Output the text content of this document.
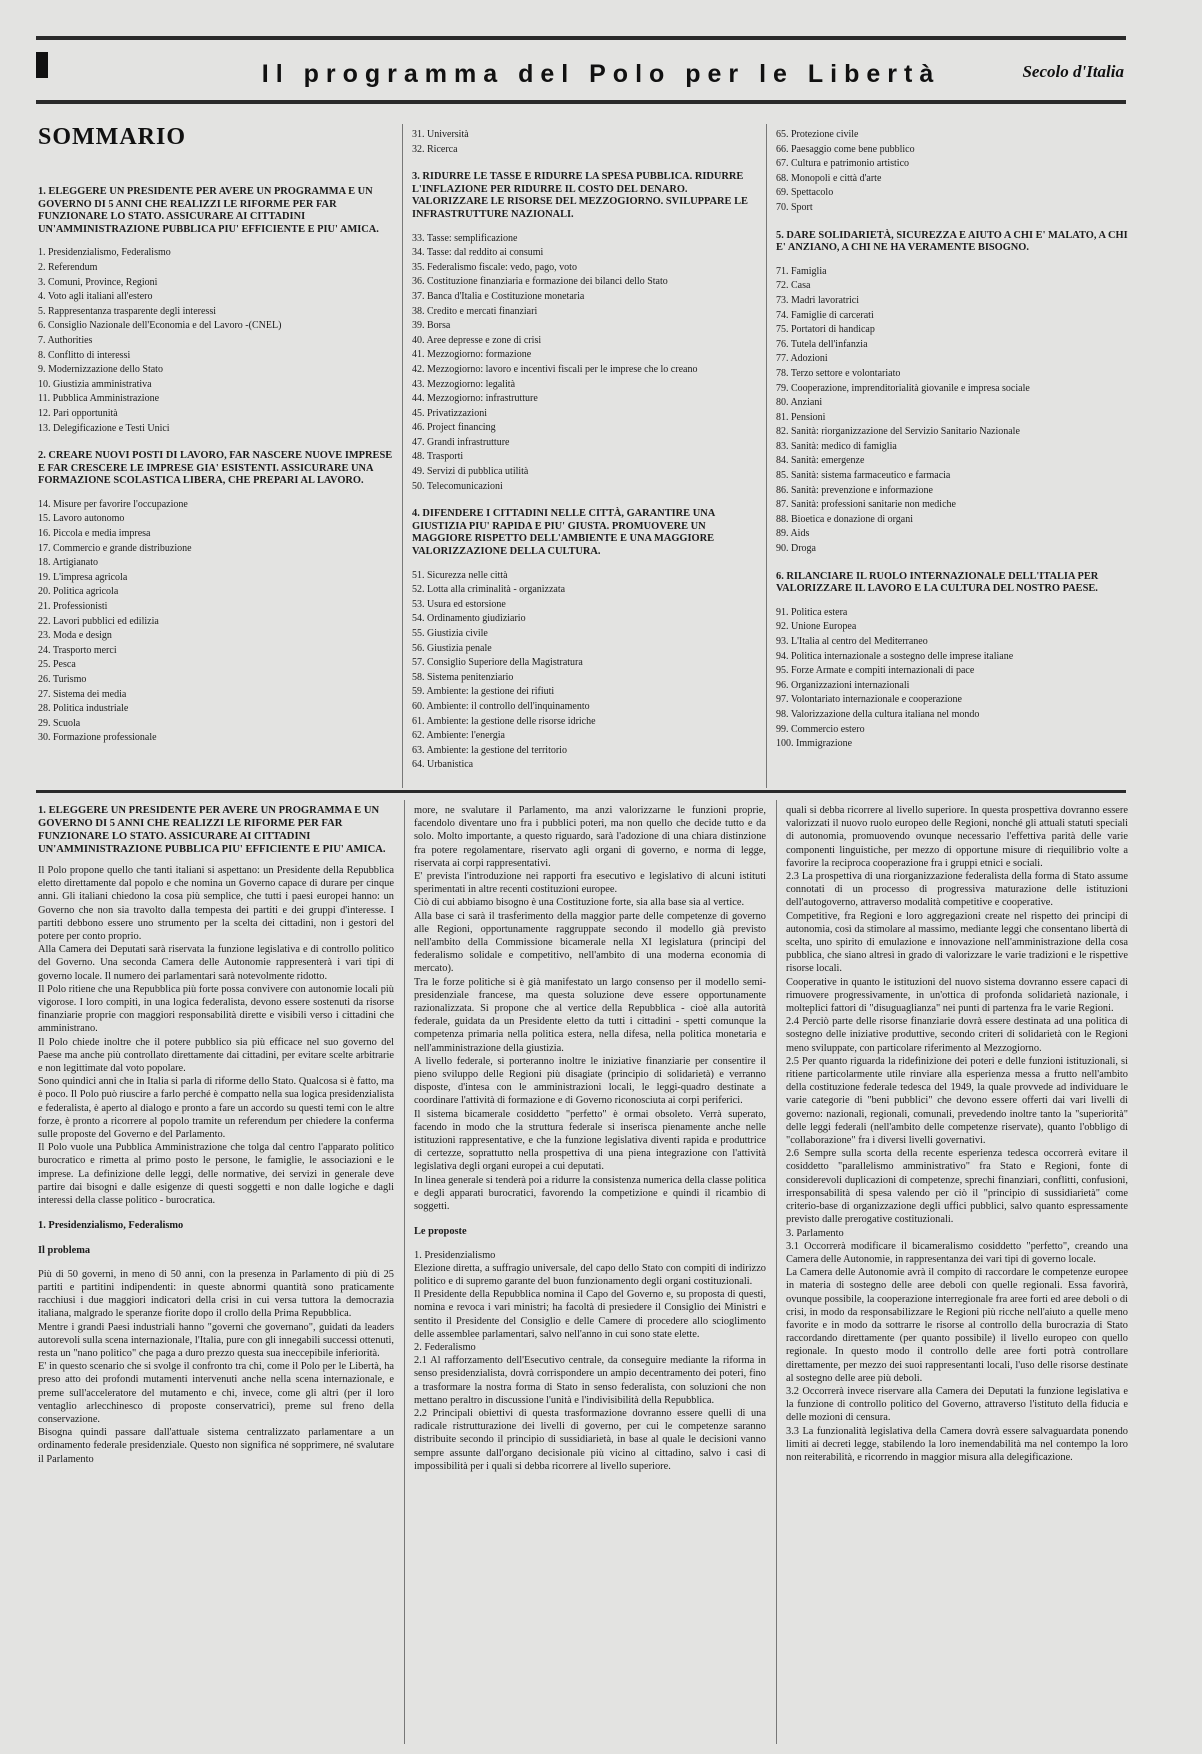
Il programma del Polo per le Libertà	Secolo d'Italia
SOMMARIO
1. ELEGGERE UN PRESIDENTE PER AVERE UN PROGRAMMA E UN GOVERNO DI 5 ANNI CHE REALIZZI LE RIFORME PER FAR FUNZIONARE LO STATO. ASSICURARE AI CITTADINI UN'AMMINISTRAZIONE PUBBLICA PIU' EFFICIENTE E PIU' AMICA.
1. Presidenzialismo, Federalismo
2. Referendum
3. Comuni, Province, Regioni
4. Voto agli italiani all'estero
5. Rappresentanza trasparente degli interessi
6. Consiglio Nazionale dell'Economia e del Lavoro -(CNEL)
7. Authorities
8. Conflitto di interessi
9. Modernizzazione dello Stato
10. Giustizia amministrativa
11. Pubblica Amministrazione
12. Pari opportunità
13. Delegificazione e Testi Unici
2. CREARE NUOVI POSTI DI LAVORO, FAR NASCERE NUOVE IMPRESE E FAR CRESCERE LE IMPRESE GIA' ESISTENTI. ASSICURARE UNA FORMAZIONE SCOLASTICA LIBERA, CHE PREPARI AL LAVORO.
14. Misure per favorire l'occupazione
15. Lavoro autonomo
16. Piccola e media impresa
17. Commercio e grande distribuzione
18. Artigianato
19. L'impresa agricola
20. Politica agricola
21. Professionisti
22. Lavori pubblici ed edilizia
23. Moda e design
24. Trasporto merci
25. Pesca
26. Turismo
27. Sistema dei media
28. Politica industriale
29. Scuola
30. Formazione professionale
31. Università
32. Ricerca
3. RIDURRE LE TASSE E RIDURRE LA SPESA PUBBLICA. RIDURRE L'INFLAZIONE PER RIDURRE IL COSTO DEL DENARO. VALORIZZARE LE RISORSE DEL MEZZOGIORNO. SVILUPPARE LE INFRASTRUTTURE NAZIONALI.
33. Tasse: semplificazione
34. Tasse: dal reddito ai consumi
35. Federalismo fiscale: vedo, pago, voto
36. Costituzione finanziaria e formazione dei bilanci dello Stato
37. Banca d'Italia e Costituzione monetaria
38. Credito e mercati finanziari
39. Borsa
40. Aree depresse e zone di crisi
41. Mezzogiorno: formazione
42. Mezzogiorno: lavoro e incentivi fiscali per le imprese che lo creano
43. Mezzogiorno: legalità
44. Mezzogiorno: infrastrutture
45. Privatizzazioni
46. Project financing
47. Grandi infrastrutture
48. Trasporti
49. Servizi di pubblica utilità
50. Telecomunicazioni
4. DIFENDERE I CITTADINI NELLE CITTÀ, GARANTIRE UNA GIUSTIZIA PIU' RAPIDA E PIU' GIUSTA. PROMUOVERE UN MAGGIORE RISPETTO DELL'AMBIENTE E UNA MAGGIORE VALORIZZAZIONE DELLA CULTURA.
51. Sicurezza nelle città
52. Lotta alla criminalità - organizzata
53. Usura ed estorsione
54. Ordinamento giudiziario
55. Giustizia civile
56. Giustizia penale
57. Consiglio Superiore della Magistratura
58. Sistema penitenziario
59. Ambiente: la gestione dei rifiuti
60. Ambiente: il controllo dell'inquinamento
61. Ambiente: la gestione delle risorse idriche
62. Ambiente: l'energia
63. Ambiente: la gestione del territorio
64. Urbanistica
65. Protezione civile
66. Paesaggio come bene pubblico
67. Cultura e patrimonio artistico
68. Monopoli e città d'arte
69. Spettacolo
70. Sport
5. DARE SOLIDARIETÀ, SICUREZZA E AIUTO A CHI E' MALATO, A CHI E' ANZIANO, A CHI NE HA VERAMENTE BISOGNO.
71. Famiglia
72. Casa
73. Madri lavoratrici
74. Famiglie di carcerati
75. Portatori di handicap
76. Tutela dell'infanzia
77. Adozioni
78. Terzo settore e volontariato
79. Cooperazione, imprenditorialità giovanile e impresa sociale
80. Anziani
81. Pensioni
82. Sanità: riorganizzazione del Servizio Sanitario Nazionale
83. Sanità: medico di famiglia
84. Sanità: emergenze
85. Sanità: sistema farmaceutico e farmacia
86. Sanità: prevenzione e informazione
87. Sanità: professioni sanitarie non mediche
88. Bioetica e donazione di organi
89. Aids
90. Droga
6. RILANCIARE IL RUOLO INTERNAZIONALE DELL'ITALIA PER VALORIZZARE IL LAVORO E LA CULTURA DEL NOSTRO PAESE.
91. Politica estera
92. Unione Europea
93. L'Italia al centro del Mediterraneo
94. Politica internazionale a sostegno delle imprese italiane
95. Forze Armate e compiti internazionali di pace
96. Organizzazioni internazionali
97. Volontariato internazionale e cooperazione
98. Valorizzazione della cultura italiana nel mondo
99. Commercio estero
100. Immigrazione

1. ELEGGERE UN PRESIDENTE PER AVERE UN PROGRAMMA E UN GOVERNO DI 5 ANNI CHE REALIZZI LE RIFORME PER FAR FUNZIONARE LO STATO. ASSICURARE AI CITTADINI UN'AMMINISTRAZIONE PUBBLICA PIU' EFFICIENTE E PIU' AMICA.

Il Polo propone quello che tanti italiani si aspettano: un Presidente della Repubblica eletto direttamente dal popolo e che nomina un Governo capace di durare per cinque anni. Gli italiani chiedono la cosa più semplice, che tutti i paesi europei hanno: un Governo che non sia travolto dalla tempesta dei partiti e dei gruppi d'interesse. I partiti debbono essere uno strumento per la scelta dei cittadini, non i gestori del potere per conto proprio.

Alla Camera dei Deputati sarà riservata la funzione legislativa e di controllo politico del Governo. Una seconda Camera delle Autonomie rappresenterà i vari tipi di governo locale. Il numero dei parlamentari sarà notevolmente ridotto.

Il Polo ritiene che una Repubblica più forte possa convivere con autonomie locali più vigorose. I loro compiti, in una logica federalista, devono essere sostenuti da risorse finanziarie proprie con maggiori responsabilità dirette e visibili verso i cittadini che amministrano.

Il Polo chiede inoltre che il potere pubblico sia più efficace nel suo governo del Paese ma anche più controllato direttamente dai cittadini, per evitare scelte arbitrarie e non legittimate dal voto popolare.

Sono quindici anni che in Italia si parla di riforme dello Stato. Qualcosa si è fatto, ma è poco. Il Polo può riuscire a farlo perché è compatto nella sua logica presidenzialista e federalista, è aperto al dialogo e pronto a fare un accordo su questi temi con le altre forze, è pronto a ricorrere al popolo tramite un referendum per chiedere la conferma sulle proposte del Governo e del Parlamento.

Il Polo vuole una Pubblica Amministrazione che tolga dal centro l'apparato politico burocratico e rimetta al primo posto le persone, le famiglie, le associazioni e le imprese. La definizione delle leggi, delle normative, dei servizi in generale deve partire dai bisogni e dalle esigenze di questi soggetti e non dalle logiche e dagli interessi della classe politico - burocratica.

1. Presidenzialismo, Federalismo

Il problema

Più di 50 governi, in meno di 50 anni, con la presenza in Parlamento di più di 25 partiti e partitini indipendenti: in queste abnormi quantità sono praticamente racchiusi i due maggiori indicatori della crisi in cui versa tuttora la democrazia italiana, malgrado le speranze fiorite dopo il crollo della Prima Repubblica.

Mentre i grandi Paesi industriali hanno "governi che governano", guidati da leaders autorevoli sulla scena internazionale, l'Italia, pure con gli innegabili successi ottenuti, resta un "nano politico" che paga a duro prezzo questa sua ineccepibile inferiorità.

E' in questo scenario che si svolge il confronto tra chi, come il Polo per le Libertà, ha preso atto dei profondi mutamenti intervenuti anche nella scena internazionale, e preme sull'acceleratore del mutamento e chi, invece, come gli altri (per il loro ventaglio arlecchinesco di proposte conservatrici), preme sul freno della conservazione.

Bisogna quindi passare dall'attuale sistema centralizzato parlamentare a un ordinamento federale presidenziale. Questo non significa né sopprimere, né svalutare il Parlamento

more, ne svalutare il Parlamento, ma anzi valorizzarne le funzioni proprie, facendolo diventare uno fra i pubblici poteri, ma non quello che decide tutto e da solo. Molto importante, a questo riguardo, sarà l'adozione di una chiara distinzione fra potere regolamentare, riservato agli organi di governo, e norma di legge, riservata ai corpi rappresentativi.

E' prevista l'introduzione nei rapporti fra esecutivo e legislativo di alcuni istituti sperimentati in altre recenti costituzioni europee.

Ciò di cui abbiamo bisogno è una Costituzione forte, sia alla base sia al vertice.

Alla base ci sarà il trasferimento della maggior parte delle competenze di governo alle Regioni, opportunamente raggruppate secondo il modello già previsto nell'ambito della Commissione bicamerale nella XI legislatura (principi del federalismo solidale e competitivo, nell'ambito di una moderna economia di mercato).

Tra le forze politiche si è già manifestato un largo consenso per il modello semi-presidenziale francese, ma questa soluzione deve essere opportunamente razionalizzata. Si propone che al vertice della Repubblica - cioè alla autorità federale, guidata da un Presidente eletto da tutti i cittadini - spetti comunque la competenza primaria nella politica estera, nella difesa, nella politica monetaria e nell'amministrazione della giustizia.

A livello federale, si porteranno inoltre le iniziative finanziarie per consentire il pieno sviluppo delle Regioni più disagiate (principio di solidarietà) e verranno disposte, d'intesa con le amministrazioni locali, le leggi-quadro destinate a coordinare l'attività di formazione e di Governo riconosciuta ai corpi periferici.

Il sistema bicamerale cosiddetto "perfetto" è ormai obsoleto. Verrà superato, facendo in modo che la struttura federale si inserisca pienamente anche nelle istituzioni rappresentative, e che la funzione legislativa diventi rapida e produttrice di certezze, soprattutto nella prospettiva di una piena integrazione con l'attività legislativa degli organi europei a cui deputati.

In linea generale si tenderà poi a ridurre la consistenza numerica della classe politica e degli apparati burocratici, favorendo la competizione e quindi il ricambio di soggetti.

Le proposte

1. Presidenzialismo

Elezione diretta, a suffragio universale, del capo dello Stato con compiti di indirizzo politico e di supremo garante del buon funzionamento degli organi costituzionali.

Il Presidente della Repubblica nomina il Capo del Governo e, su proposta di questi, nomina e revoca i vari ministri; ha facoltà di presiedere il Consiglio dei Ministri e sentito il Presidente del Consiglio e delle Camere di procedere allo scioglimento delle assemblee parlamentari, salvo nell'anno in cui sono state elette.

2. Federalismo

2.1 Al rafforzamento dell'Esecutivo centrale, da conseguire mediante la riforma in senso presidenzialista, dovrà corrispondere un ampio decentramento dei poteri, fino a trasformare la nostra forma di Stato in senso federalista, con soluzioni che non mettano peraltro in discussione l'unità e l'indivisibilità della Repubblica.

2.2 Principali obiettivi di questa trasformazione dovranno essere quelli di una radicale ristrutturazione dei livelli di governo, per cui le competenze saranno distribuite secondo il principio di sussidiarietà, in base al quale le decisioni vanno sempre assunte dall'organo decisionale più vicino al cittadino, salvo i casi di impossibilità per i quali si debba ricorrere al livello superiore.

quali si debba ricorrere al livello superiore. In questa prospettiva dovranno essere valorizzati il nuovo ruolo europeo delle Regioni, nonché gli attuali statuti speciali di autonomia, promuovendo ovunque necessario l'effettiva parità delle varie componenti linguistiche, per mezzo di opportune misure di riequilibrio volte a favorire la reciproca cooperazione fra i gruppi etnici e sociali.

2.3 La prospettiva di una riorganizzazione federalista della forma di Stato assume connotati di un processo di progressiva maturazione delle istituzioni dell'autogoverno, attraverso modalità competitive e cooperative.

Competitive, fra Regioni e loro aggregazioni create nel rispetto dei principi di autonomia, così da stimolare al massimo, mediante leggi che consentano libertà di scelta, uno spirito di emulazione e innovazione nell'amministrazione della cosa pubblica, che siano altresì in grado di valorizzare le varie tradizioni e le rispettive risorse locali.

Cooperative in quanto le istituzioni del nuovo sistema dovranno essere capaci di rimuovere progressivamente, in un'ottica di profonda solidarietà nazionale, i molteplici fattori di "disuguaglianza" nei punti di partenza fra le varie Regioni.

2.4 Perciò parte delle risorse finanziarie dovrà essere destinata ad una politica di sostegno delle iniziative produttive, secondo criteri di solidarietà con le Regioni meno sviluppate, con particolare riferimento al Mezzogiorno.

2.5 Per quanto riguarda la ridefinizione dei poteri e delle funzioni istituzionali, si ritiene particolarmente utile rinviare alla esperienza messa a frutto nell'ambito della costituzione federale tedesca del 1949, la quale provvede ad individuare le varie categorie di "beni pubblici" che devono essere offerti dai vari livelli di governo: nazionali, regionali, comunali, prevedendo inoltre tanto la "superiorità" delle leggi federali (nell'ambito delle competenze riservate), quanto l'obbligo di "collaborazione" fra i diversi livelli governativi.

2.6 Sempre sulla scorta della recente esperienza tedesca occorrerà evitare il cosiddetto "parallelismo amministrativo" fra Stato e Regioni, fonte di considerevoli duplicazioni di competenze, sprechi finanziari, conflitti, confusioni, irresponsabilità di spesa valendo per ciò il "principio di sussidiarietà" come criterio-base di organizzazione degli uffici pubblici, salvo quanto espressamente previsto dalle prerogative costituzionali.

3. Parlamento

3.1 Occorrerà modificare il bicameralismo cosiddetto "perfetto", creando una Camera delle Autonomie, in rappresentanza dei vari tipi di governo locale.

La Camera delle Autonomie avrà il compito di raccordare le competenze europee in materia di sostegno delle aree deboli con quelle regionali. Essa favorirà, ovunque possibile, la cooperazione interregionale fra aree forti ed aree deboli o di crisi, in modo da responsabilizzare le Regioni più ricche nell'aiuto a quelle meno favorite e in modo da sottrarre le risorse al controllo della burocrazia di Stato raccordando direttamente (per quanto possibile) il livello europeo con quello regionale. In questo modo il controllo delle aree forti potrà controllare direttamente, per mezzo dei suoi rappresentanti locali, l'uso delle risorse destinate al sostegno delle aree più deboli.

3.2 Occorrerà invece riservare alla Camera dei Deputati la funzione legislativa e la funzione di controllo politico del Governo, attraverso l'istituto della fiducia e delle mozioni di censura.

3.3 La funzionalità legislativa della Camera dovrà essere salvaguardata ponendo limiti ai decreti legge, stabilendo la loro inemendabilità ma nel contempo la loro non reiterabilità, e ricorrendo in maggior misura alla delegificazione.
